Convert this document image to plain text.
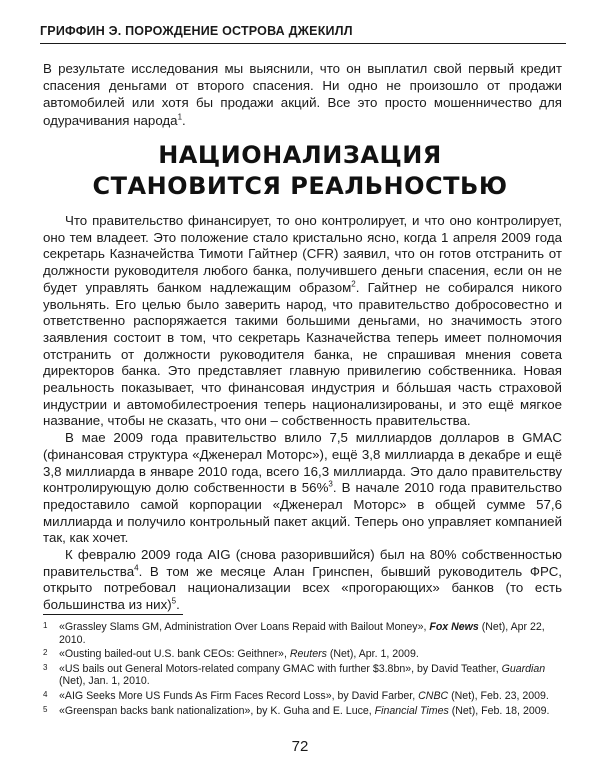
ГРИФФИН Э. ПОРОЖДЕНИЕ ОСТРОВА ДЖЕКИЛЛ
В результате исследования мы выяснили, что он выплатил свой первый кредит спасения деньгами от второго спасения. Ни одно не произошло от продажи автомобилей или хотя бы продажи акций. Все это просто мошенничество для одурачивания народа$^1$.
НАЦИОНАЛИЗАЦИЯ
СТАНОВИТСЯ РЕАЛЬНОСТЬЮ

Что правительство финансирует, то оно контролирует, и что оно контролирует, оно тем владеет. Это положение стало кристально ясно, когда 1 апреля 2009 года секретарь Казначейства Тимоти Гайтнер (CFR) заявил, что он готов отстранить от должности руководителя любого банка, получившего деньги спасения, если он не будет управлять банком надлежащим образом$^2$. Гайтнер не собирался никого увольнять. Его целью было заверить народ, что правительство добросовестно и ответственно распоряжается такими большими деньгами, но значимость этого заявления состоит в том, что секретарь Казначейства теперь имеет полномочия отстранить от должности руководителя банка, не спрашивая мнения совета директоров банка. Это представляет главную привилегию собственника. Новая реальность показывает, что финансовая индустрия и бóльшая часть страховой индустрии и автомобилестроения теперь национализированы, и это ещё мягкое название, чтобы не сказать, что они – собственность правительства.

В мае 2009 года правительство влило 7,5 миллиардов долларов в GMAC (финансовая структура «Дженерал Моторс»), ещё 3,8 миллиарда в декабре и ещё 3,8 миллиарда в январе 2010 года, всего 16,3 миллиарда. Это дало правительству контролирующую долю собственности в 56%$^3$. В начале 2010 года правительство предоставило самой корпорации «Дженерал Моторс» в общей сумме 57,6 миллиарда и получило контрольный пакет акций. Теперь оно управляет компанией так, как хочет.

К февралю 2009 года AIG (снова разорившийся) был на 80% собственностью правительства$^4$. В том же месяце Алан Гринспен, бывший руководитель ФРС, открыто потребовал национализации всех «прогорающих» банков (то есть большинства из них)$^5$.

1 «Grassley Slams GM, Administration Over Loans Repaid with Bailout Money», Fox News (Net), Apr 22, 2010.
2 «Ousting bailed-out U.S. bank CEOs: Geithner», Reuters (Net), Apr. 1, 2009.
3 «US bails out General Motors-related company GMAC with further $3.8bn», by David Teather, Guardian (Net), Jan. 1, 2010.
4 «AIG Seeks More US Funds As Firm Faces Record Loss», by David Farber, CNBC (Net), Feb. 23, 2009.
5 «Greenspan backs bank nationalization», by K. Guha and E. Luce, Financial Times (Net), Feb. 18, 2009.
72
